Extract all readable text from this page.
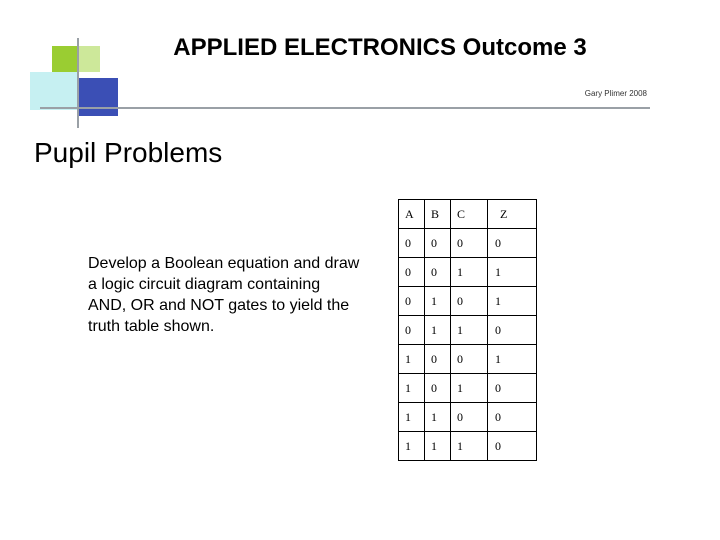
APPLIED ELECTRONICS Outcome 3
Gary Plimer 2008
Pupil Problems
Develop a Boolean equation and draw a logic circuit diagram containing AND, OR and NOT gates to yield the truth table shown.
A	B	C	Z
0	0	0	0
0	0	1	1
0	1	0	1
0	1	1	0
1	0	0	1
1	0	1	0
1	1	0	0
1	1	1	0
